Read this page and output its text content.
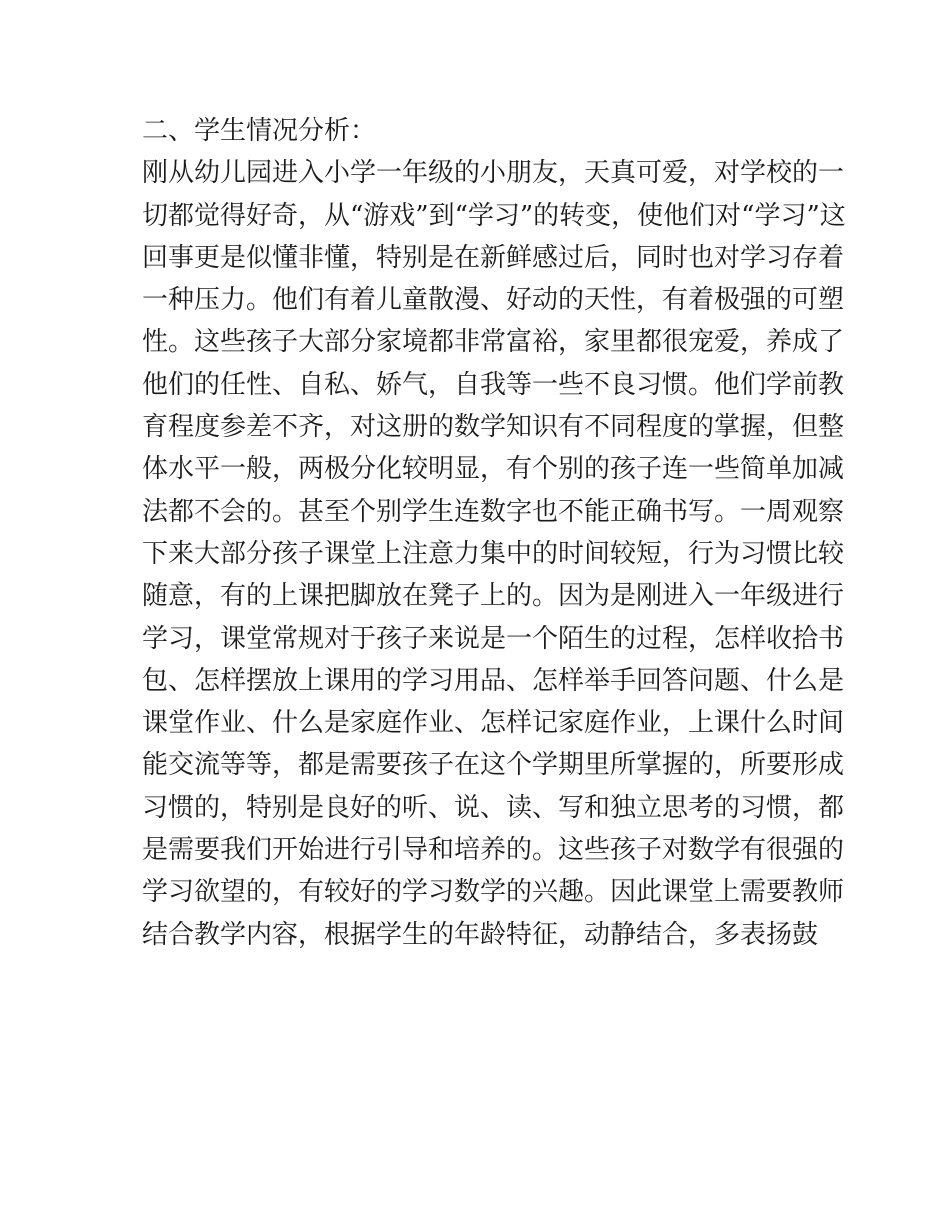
二、学生情况分析：
刚从幼儿园进入小学一年级的小朋友，天真可爱，对学校的一
切都觉得好奇，从“游戏”到“学习”的转变，使他们对“学习”这
回事更是似懂非懂，特别是在新鲜感过后，同时也对学习存着
一种压力。他们有着儿童散漫、好动的天性，有着极强的可塑
性。这些孩子大部分家境都非常富裕，家里都很宠爱，养成了
他们的任性、自私、娇气，自我等一些不良习惯。他们学前教
育程度参差不齐，对这册的数学知识有不同程度的掌握，但整
体水平一般，两极分化较明显，有个别的孩子连一些简单加减
法都不会的。甚至个别学生连数字也不能正确书写。一周观察
下来大部分孩子课堂上注意力集中的时间较短，行为习惯比较
随意，有的上课把脚放在凳子上的。因为是刚进入一年级进行
学习，课堂常规对于孩子来说是一个陌生的过程，怎样收拾书
包、怎样摆放上课用的学习用品、怎样举手回答问题、什么是
课堂作业、什么是家庭作业、怎样记家庭作业，上课什么时间
能交流等等，都是需要孩子在这个学期里所掌握的，所要形成
习惯的，特别是良好的听、说、读、写和独立思考的习惯，都
是需要我们开始进行引导和培养的。这些孩子对数学有很强的
学习欲望的，有较好的学习数学的兴趣。因此课堂上需要教师
结合教学内容，根据学生的年龄特征，动静结合，多表扬鼓
